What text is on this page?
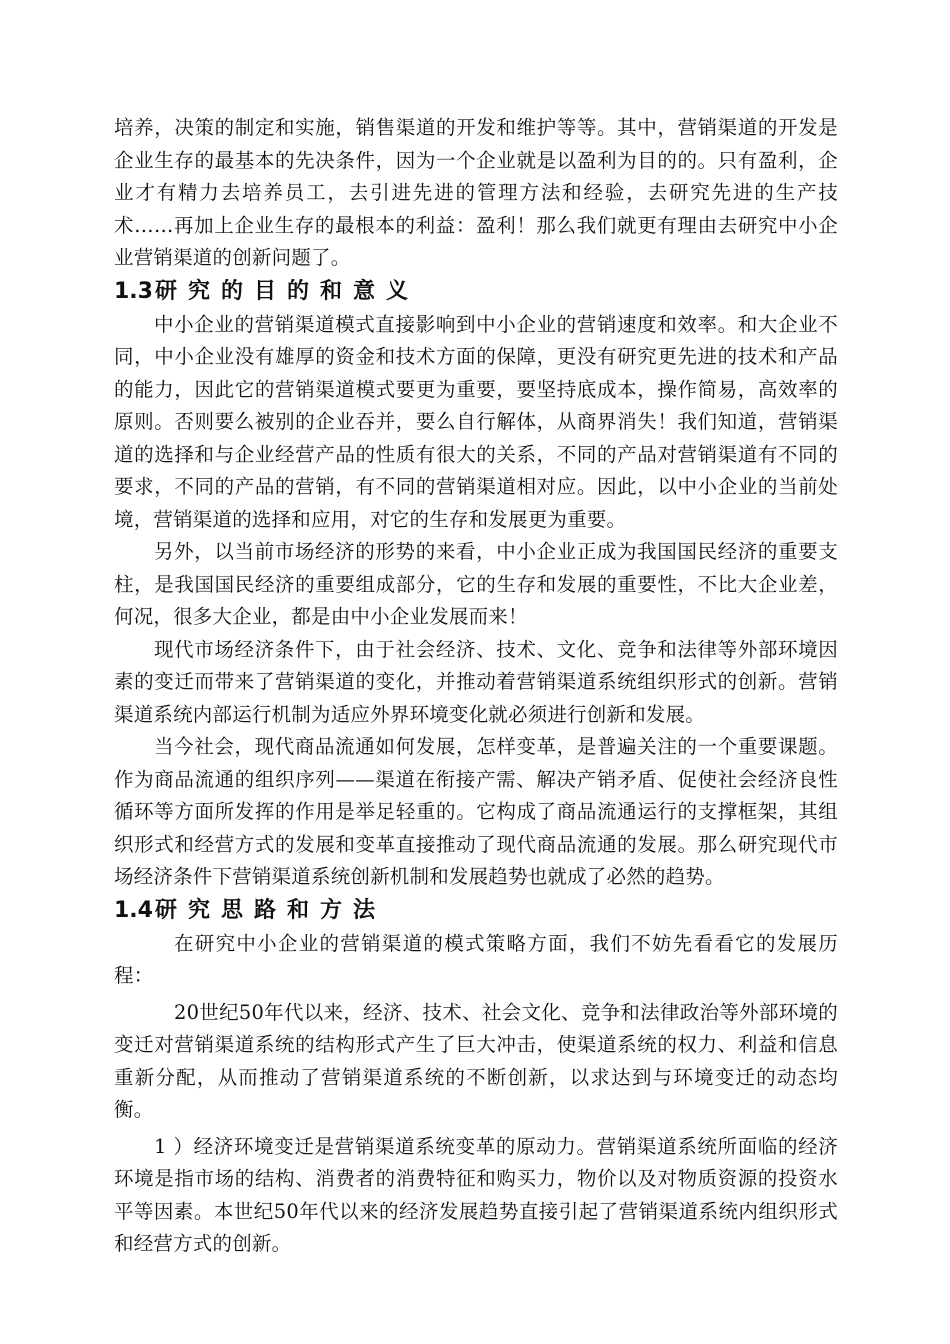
培养，决策的制定和实施，销售渠道的开发和维护等等。其中，营销渠道的开发是企业生存的最基本的先决条件，因为一个企业就是以盈利为目的的。只有盈利，企业才有精力去培养员工，去引进先进的管理方法和经验，去研究先进的生产技术……再加上企业生存的最根本的利益：盈利！那么我们就更有理由去研究中小企业营销渠道的创新问题了。

1.3研究的目的和意义

中小企业的营销渠道模式直接影响到中小企业的营销速度和效率。和大企业不同，中小企业没有雄厚的资金和技术方面的保障，更没有研究更先进的技术和产品的能力，因此它的营销渠道模式要更为重要，要坚持底成本，操作简易，高效率的原则。否则要么被别的企业吞并，要么自行解体，从商界消失！我们知道，营销渠道的选择和与企业经营产品的性质有很大的关系，不同的产品对营销渠道有不同的要求，不同的产品的营销，有不同的营销渠道相对应。因此，以中小企业的当前处境，营销渠道的选择和应用，对它的生存和发展更为重要。

另外，以当前市场经济的形势的来看，中小企业正成为我国国民经济的重要支柱，是我国国民经济的重要组成部分，它的生存和发展的重要性，不比大企业差，何况，很多大企业，都是由中小企业发展而来！

现代市场经济条件下，由于社会经济、技术、文化、竞争和法律等外部环境因素的变迁而带来了营销渠道的变化，并推动着营销渠道系统组织形式的创新。营销渠道系统内部运行机制为适应外界环境变化就必须进行创新和发展。

当今社会，现代商品流通如何发展，怎样变革，是普遍关注的一个重要课题。作为商品流通的组织序列——渠道在衔接产需、解决产销矛盾、促使社会经济良性循环等方面所发挥的作用是举足轻重的。它构成了商品流通运行的支撑框架，其组织形式和经营方式的发展和变革直接推动了现代商品流通的发展。那么研究现代市场经济条件下营销渠道系统创新机制和发展趋势也就成了必然的趋势。

1.4研究思路和方法

在研究中小企业的营销渠道的模式策略方面，我们不妨先看看它的发展历程：

20世纪50年代以来，经济、技术、社会文化、竞争和法律政治等外部环境的变迁对营销渠道系统的结构形式产生了巨大冲击，使渠道系统的权力、利益和信息重新分配，从而推动了营销渠道系统的不断创新，以求达到与环境变迁的动态均衡。

1 ）经济环境变迁是营销渠道系统变革的原动力。营销渠道系统所面临的经济环境是指市场的结构、消费者的消费特征和购买力，物价以及对物质资源的投资水平等因素。本世纪50年代以来的经济发展趋势直接引起了营销渠道系统内组织形式和经营方式的创新。
